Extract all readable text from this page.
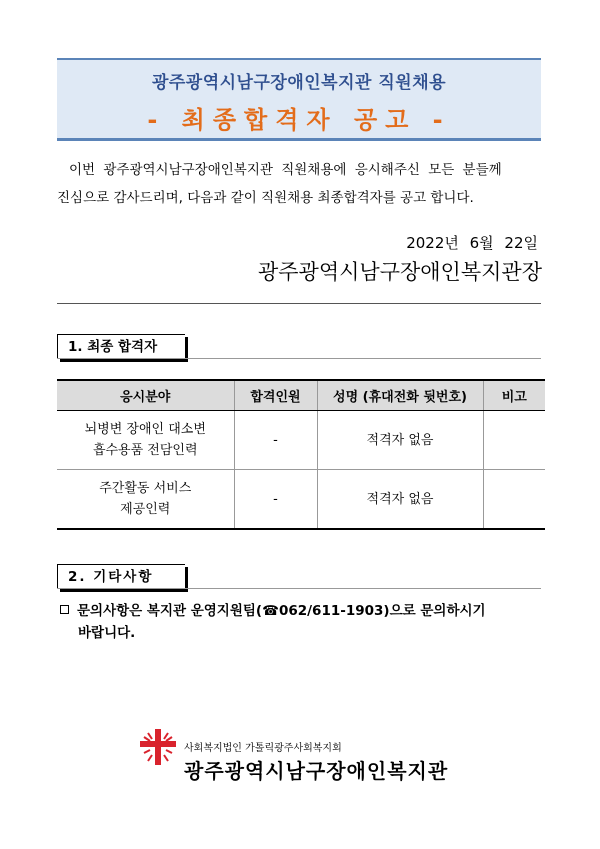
광주광역시남구장애인복지관 직원채용
- 최종합격자 공고 -

이번 광주광역시남구장애인복지관 직원채용에 응시해주신 모든 분들께

진심으로 감사드리며, 다음과 같이 직원채용 최종합격자를 공고 합니다.

2022년 6월 22일
광주광역시남구장애인복지관장
1. 최종 합격자
응시분야	합격인원	성명 (휴대전화 뒷번호)	비고

뇌병변 장애인 대소변
흡수용품 전담인력	-	적격자 없음	

주간활동 서비스
제공인력	-	적격자 없음	
2. 기타사항
문의사항은 복지관 운영지원팀(☎062/611-1903)으로 문의하시기
바랍니다.
사회복지법인 가톨릭광주사회복지회
광주광역시남구장애인복지관
